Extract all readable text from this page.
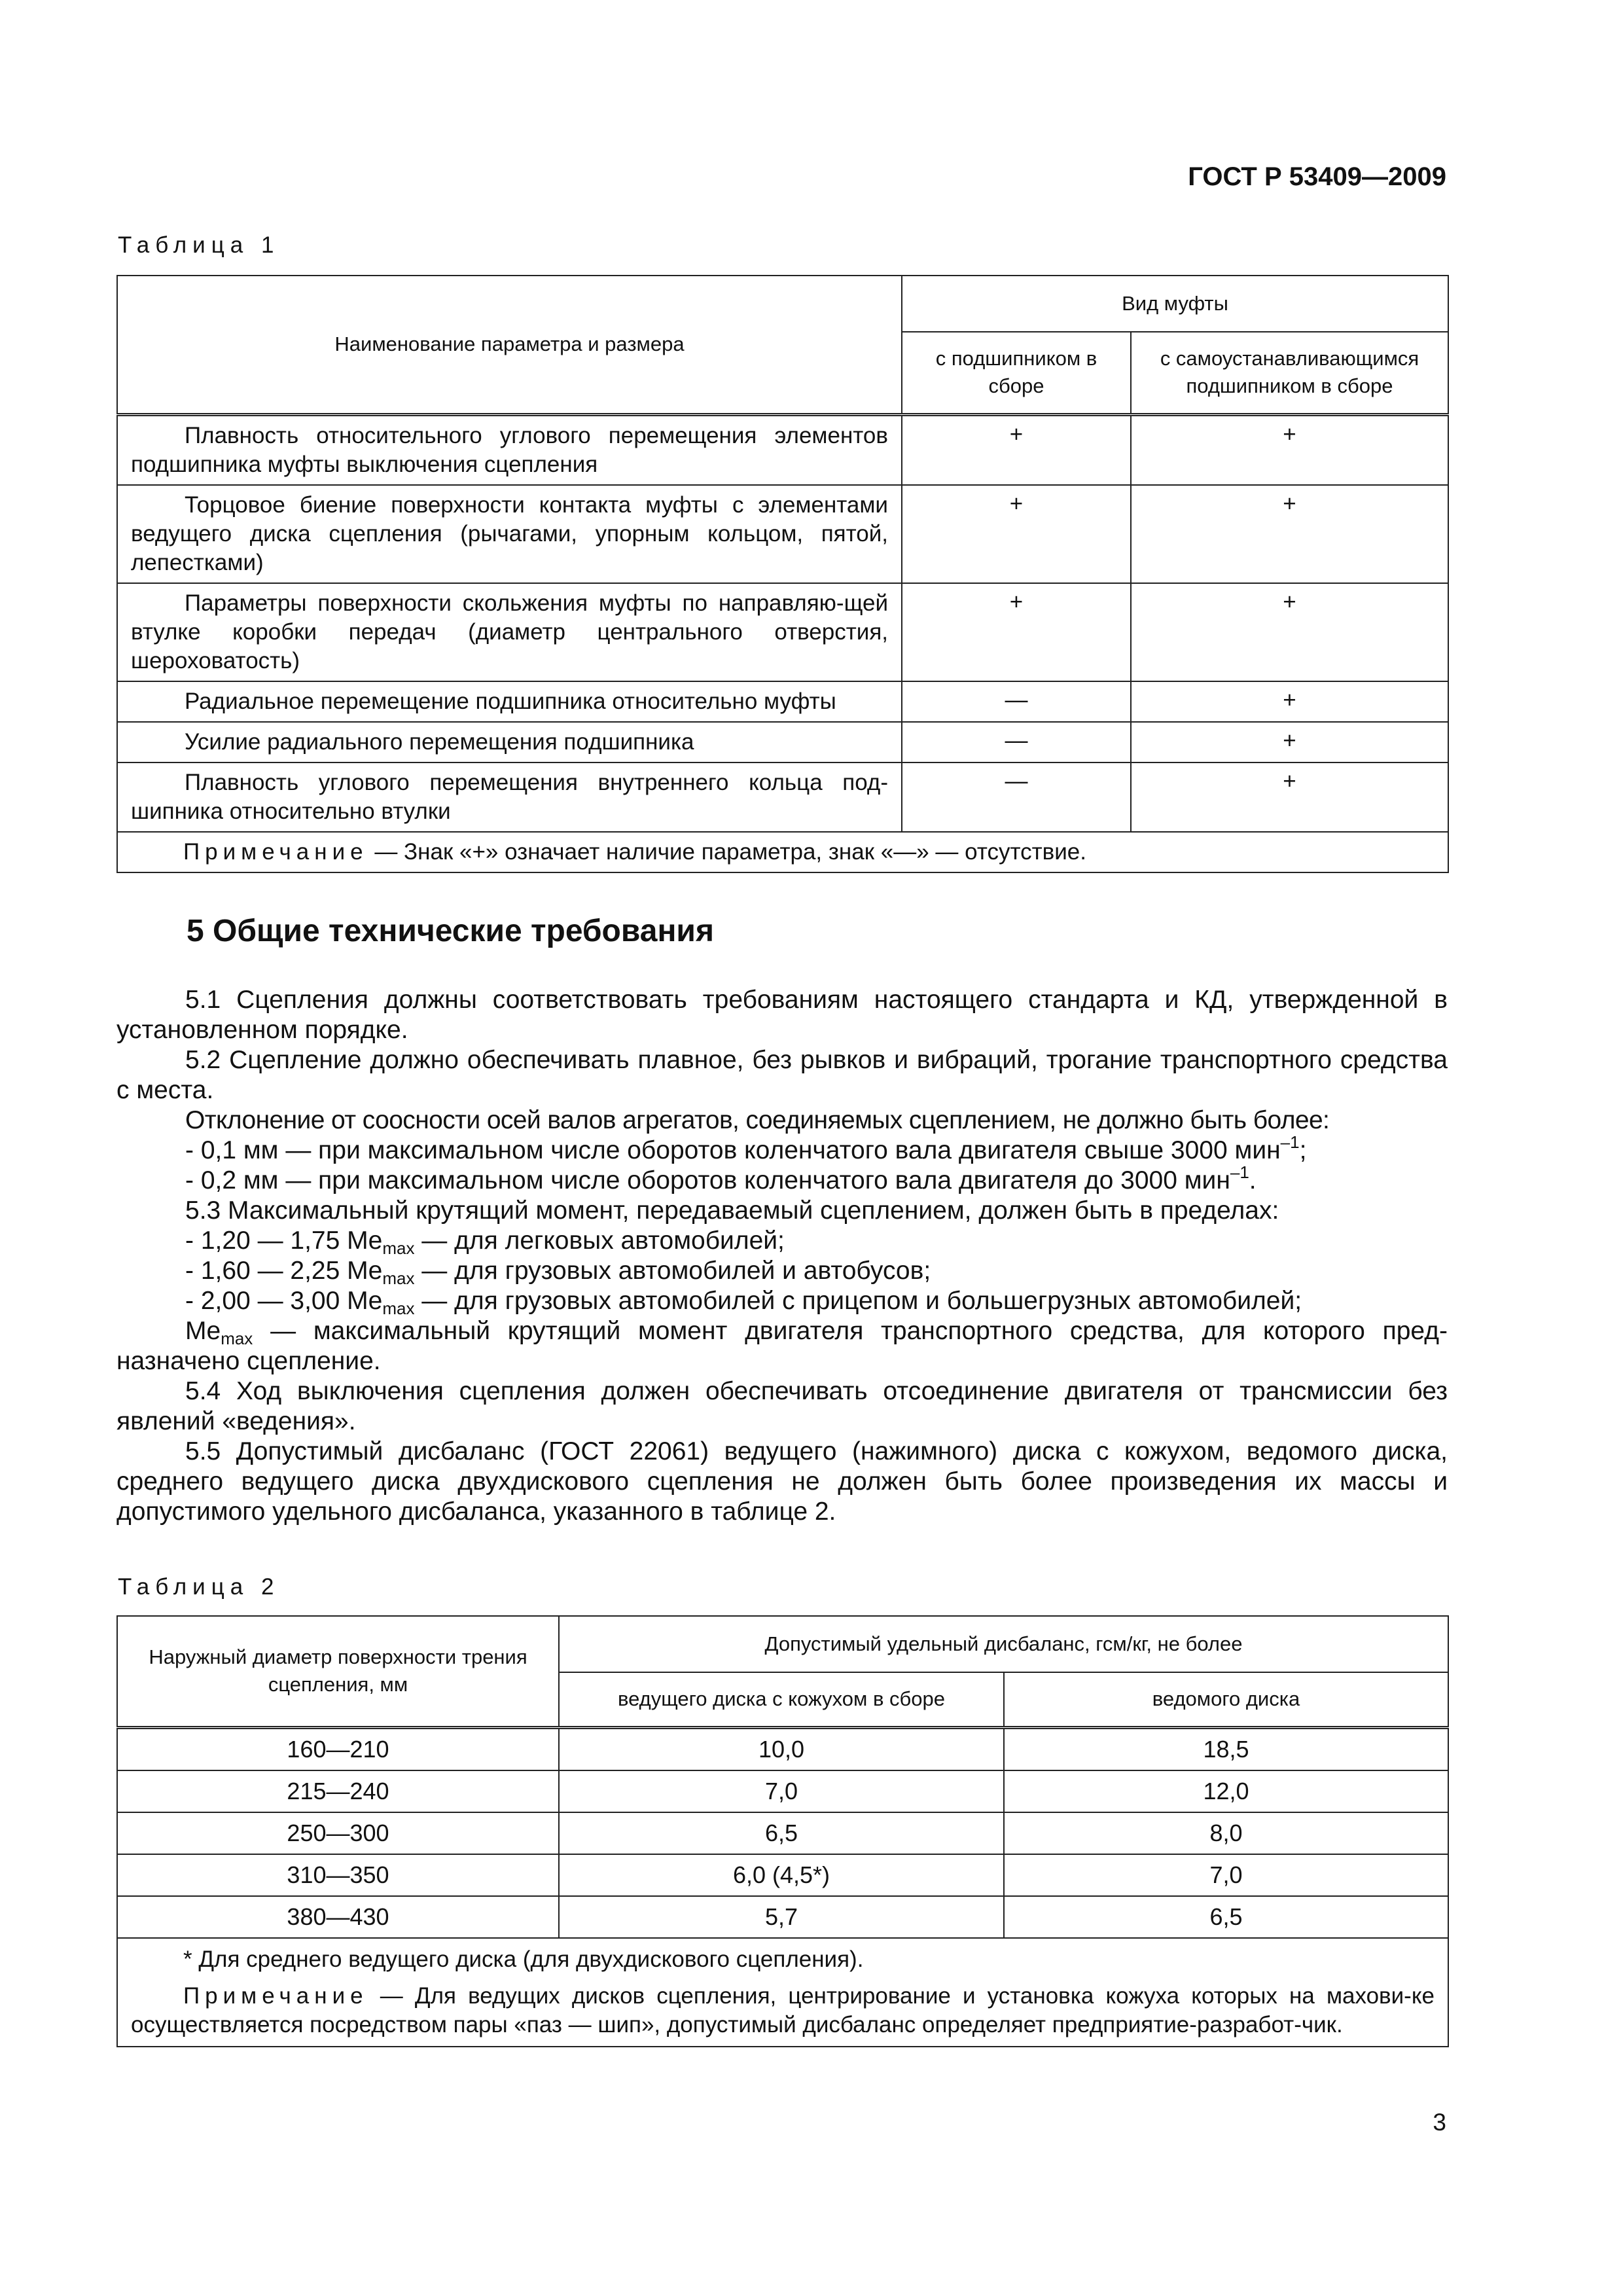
ГОСТ Р 53409—2009
Таблица 1
Наименование параметра и размера	Вид муфты	
	с подшипником в сборе	с самоустанавливающимся подшипником в сборе
Плавность относительного углового перемещения элементов подшипника муфты выключения сцепления	+	+
Торцовое биение поверхности контакта муфты с элементами ведущего диска сцепления (рычагами, упорным кольцом, пятой, лепестками)	+	+
Параметры поверхности скольжения муфты по направляю-щей втулке коробки передач (диаметр центрального отверстия, шероховатость)	+	+
Радиальное перемещение подшипника относительно муфты	—	+
Усилие радиального перемещения подшипника	—	+
Плавность углового перемещения внутреннего кольца под-шипника относительно втулки	—	+
Примечание — Знак «+» означает наличие параметра, знак «—» — отсутствие.		
5 Общие технические требования

5.1 Сцепления должны соответствовать требованиям настоящего стандарта и КД, утвержденной в установленном порядке.

5.2 Сцепление должно обеспечивать плавное, без рывков и вибраций, трогание транспортного средства с места.

Отклонение от соосности осей валов агрегатов, соединяемых сцеплением, не должно быть более:

- 0,1 мм — при максимальном числе оборотов коленчатого вала двигателя свыше 3000 мин$^{-1}$;

- 0,2 мм — при максимальном числе оборотов коленчатого вала двигателя до 3000 мин$^{-1}$.

5.3 Максимальный крутящий момент, передаваемый сцеплением, должен быть в пределах:

- 1,20 — 1,75 $Me_{max}$ — для легковых автомобилей;

- 1,60 — 2,25 $Me_{max}$ — для грузовых автомобилей и автобусов;

- 2,00 — 3,00 $Me_{max}$ — для грузовых автомобилей с прицепом и большегрузных автомобилей;

$Me_{max}$ — максимальный крутящий момент двигателя транспортного средства, для которого пред-назначено сцепление.

5.4 Ход выключения сцепления должен обеспечивать отсоединение двигателя от трансмиссии без явлений «ведения».

5.5 Допустимый дисбаланс (ГОСТ 22061) ведущего (нажимного) диска с кожухом, ведомого диска, среднего ведущего диска двухдискового сцепления не должен быть более произведения их массы и допустимого удельного дисбаланса, указанного в таблице 2.

Таблица 2
Наружный диаметр поверхности трения сцепления, мм	Допустимый удельный дисбаланс, гсм/кг, не более	
	ведущего диска с кожухом в сборе	ведомого диска
160—210	10,0	18,5
215—240	7,0	12,0
250—300	6,5	8,0
310—350	6,0 (4,5*)	7,0
380—430	5,7	6,5

* Для среднего ведущего диска (для двухдискового сцепления).
Примечание — Для ведущих дисков сцепления, центрирование и установка кожуха которых на махови-ке осуществляется посредством пары «паз — шип», допустимый дисбаланс определяет предприятие-разработ-чик.		
3
